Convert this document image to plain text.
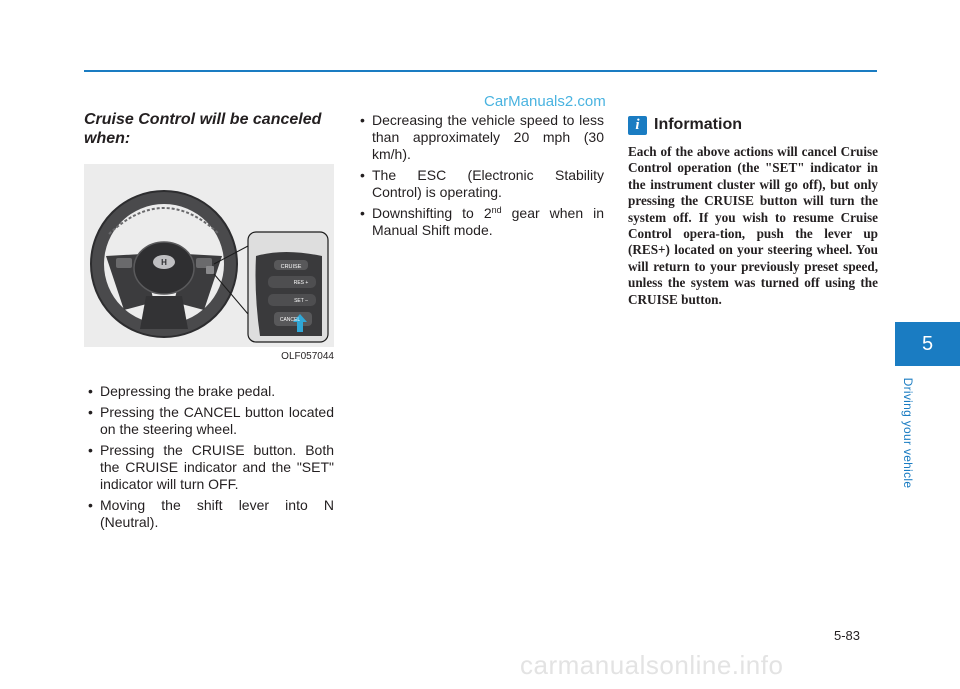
CarManuals2.com
Cruise Control will be canceled when:
H	CRUISE
RES +
SET –
CANCEL
OLF057044
• Depressing the brake pedal.
• Pressing the CANCEL button located on the steering wheel.
• Pressing the CRUISE button. Both the CRUISE indicator and the "SET" indicator will turn OFF.
• Moving the shift lever into N (Neutral).
• Decreasing the vehicle speed to less than approximately 20 mph (30 km/h).
• The ESC (Electronic Stability Control) is operating.
• Downshifting to 2nd gear when in Manual Shift mode.
i Information

Each of the above actions will cancel Cruise Control operation (the "SET" indicator in the instrument cluster will go off), but only pressing the CRUISE button will turn the system off. If you wish to resume Cruise Control opera-tion, push the lever up (RES+) located on your steering wheel. You will return to your previously preset speed, unless the system was turned off using the CRUISE button.

5
Driving your vehicle
5-83
carmanualsonline.info
